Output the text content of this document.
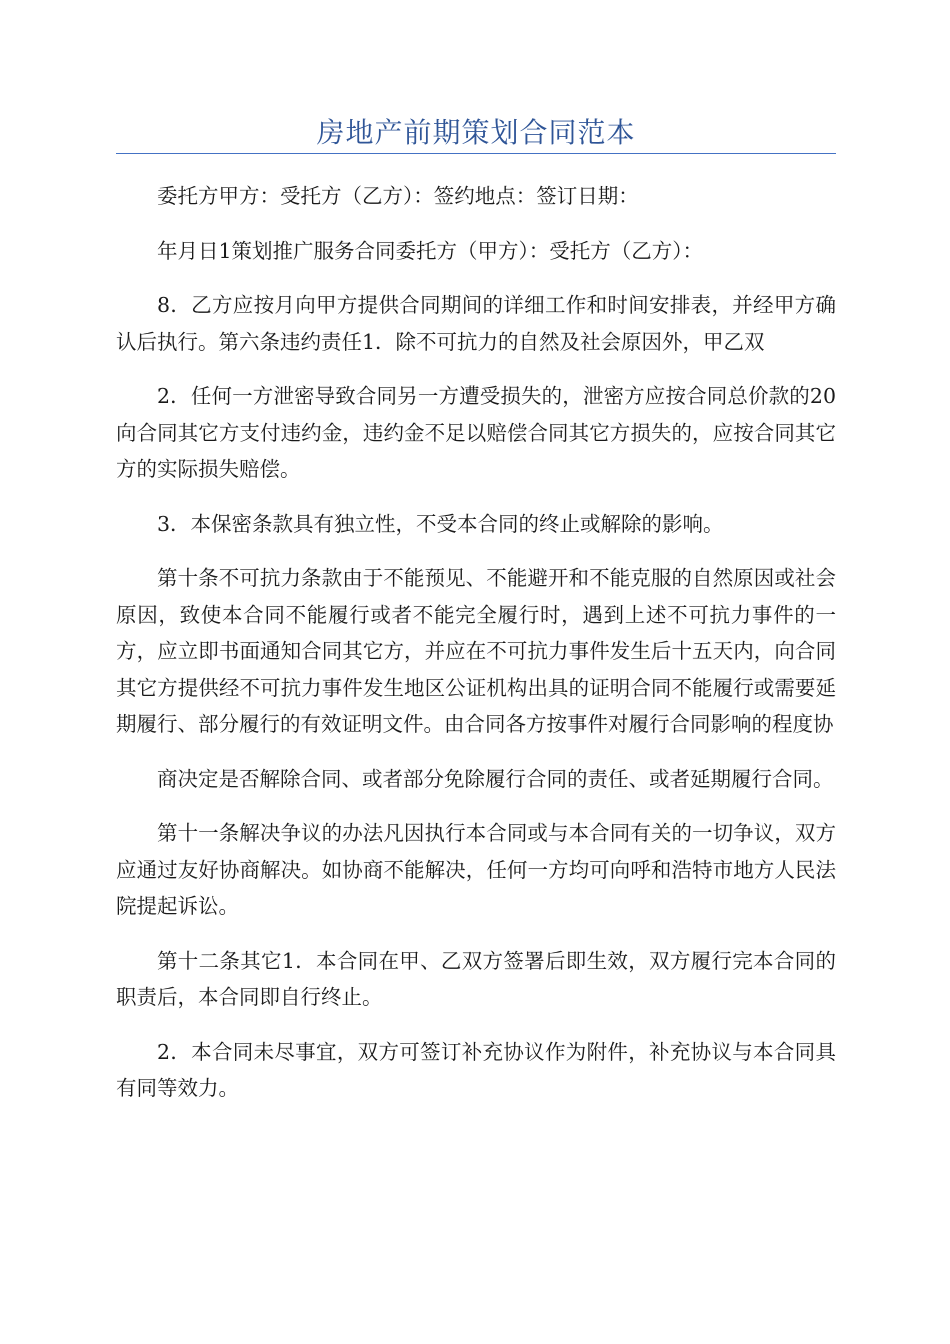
房地产前期策划合同范本

委托方甲方：受托方（乙方）：签约地点：签订日期：

年月日1策划推广服务合同委托方（甲方）：受托方（乙方）：

8．乙方应按月向甲方提供合同期间的详细工作和时间安排表，并经甲方确认后执行。第六条违约责任1．除不可抗力的自然及社会原因外，甲乙双

2．任何一方泄密导致合同另一方遭受损失的，泄密方应按合同总价款的20向合同其它方支付违约金，违约金不足以赔偿合同其它方损失的，应按合同其它方的实际损失赔偿。

3．本保密条款具有独立性，不受本合同的终止或解除的影响。

第十条不可抗力条款由于不能预见、不能避开和不能克服的自然原因或社会原因，致使本合同不能履行或者不能完全履行时，遇到上述不可抗力事件的一方，应立即书面通知合同其它方，并应在不可抗力事件发生后十五天内，向合同其它方提供经不可抗力事件发生地区公证机构出具的证明合同不能履行或需要延期履行、部分履行的有效证明文件。由合同各方按事件对履行合同影响的程度协

商决定是否解除合同、或者部分免除履行合同的责任、或者延期履行合同。

第十一条解决争议的办法凡因执行本合同或与本合同有关的一切争议，双方应通过友好协商解决。如协商不能解决，任何一方均可向呼和浩特市地方人民法院提起诉讼。

第十二条其它1．本合同在甲、乙双方签署后即生效，双方履行完本合同的职责后，本合同即自行终止。

2．本合同未尽事宜，双方可签订补充协议作为附件，补充协议与本合同具有同等效力。
